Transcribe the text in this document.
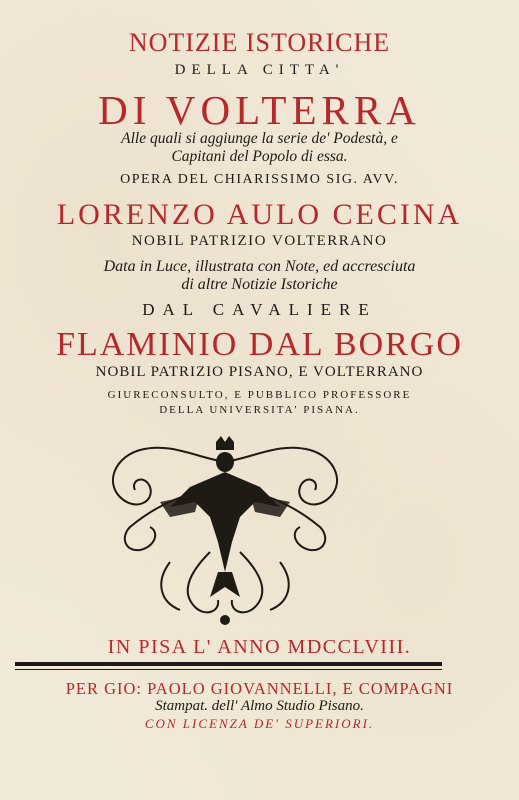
NOTIZIE ISTORICHE
DELLA CITTA'
DI VOLTERRA
Alle quali si aggiunge la serie de' Podestà, e
Capitani del Popolo di essa.
OPERA DEL CHIARISSIMO SIG. AVV.
LORENZO AULO CECINA
NOBIL PATRIZIO VOLTERRANO
Data in Luce, illustrata con Note, ed accresciuta
di altre Notizie Istoriche
DAL CAVALIERE
FLAMINIO DAL BORGO
NOBIL PATRIZIO PISANO, E VOLTERRANO
GIURECONSULTO, E PUBBLICO PROFESSORE
DELLA UNIVERSITA' PISANA.
IN PISA L' ANNO MDCCLVIII.
PER GIO: PAOLO GIOVANNELLI, E COMPAGNI
Stampat. dell' Almo Studio Pisano.
CON LICENZA DE' SUPERIORI.
